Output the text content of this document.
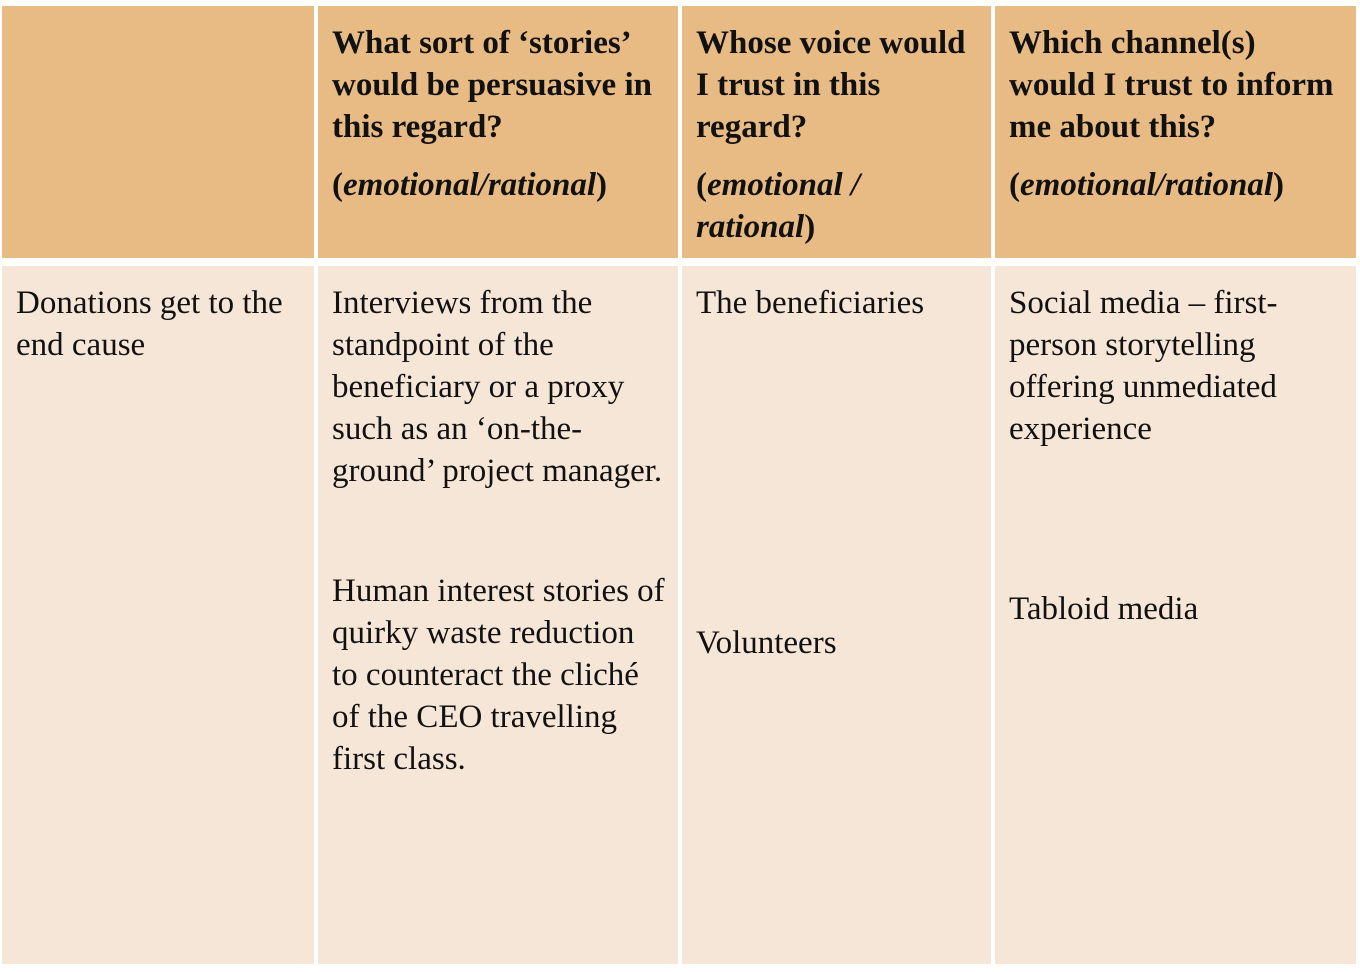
What sort of ‘stories’ would be persuasive in this regard?

(emotional/rational)

Whose voice would I trust in this regard?

(emotional / rational)

Which channel(s) would I trust to inform me about this?

(emotional/rational)

Donations get to the end cause

Interviews from the standpoint of the beneficiary or a proxy such as an ‘on-the-ground’ project manager.

Human interest stories of quirky waste reduction to counteract the cliché of the CEO travelling first class.

The beneficiaries

Volunteers

Social media – first-person storytelling offering unmediated experience

Tabloid media
